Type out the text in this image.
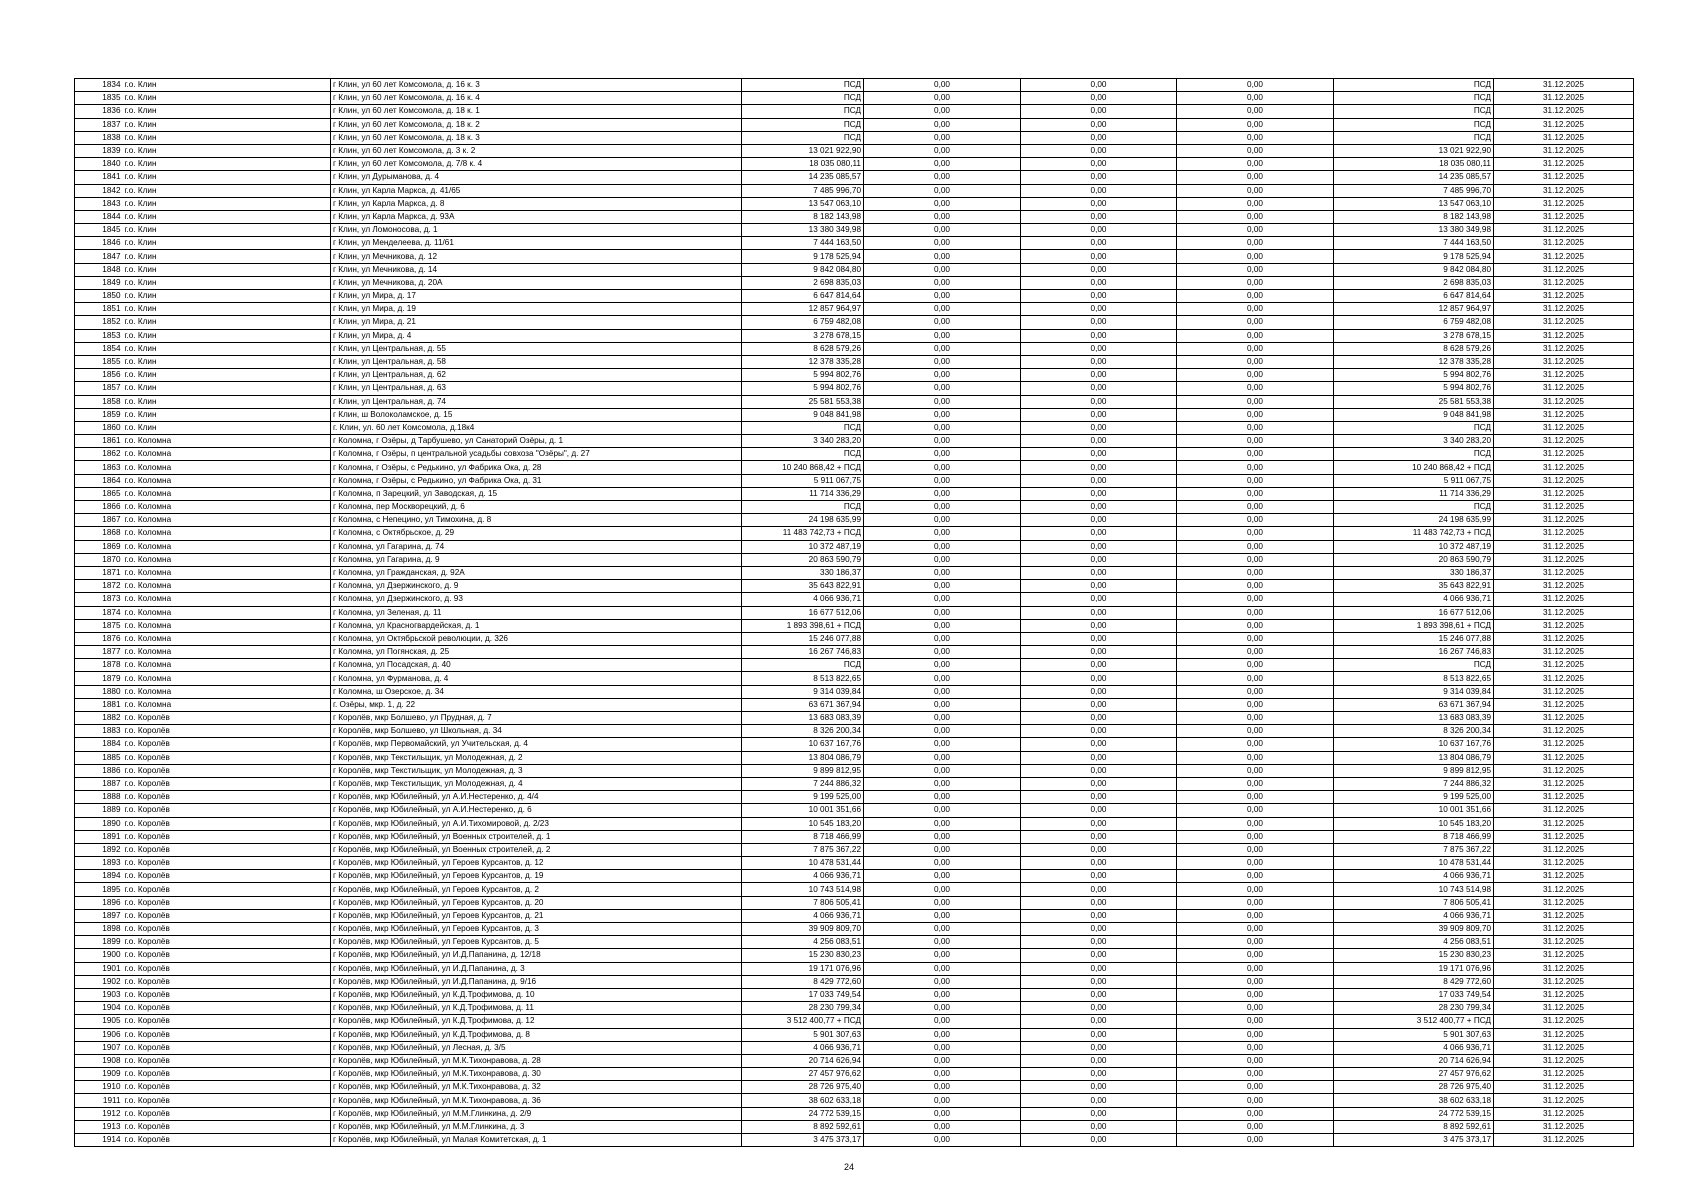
1834	г.о. Клин	г Клин, ул 60 лет Комсомола, д. 16 к. 3	ПСД	0,00	0,00	0,00	ПСД	31.12.2025
1835	г.о. Клин	г Клин, ул 60 лет Комсомола, д. 16 к. 4	ПСД	0,00	0,00	0,00	ПСД	31.12.2025
1836	г.о. Клин	г Клин, ул 60 лет Комсомола, д. 18 к. 1	ПСД	0,00	0,00	0,00	ПСД	31.12.2025
1837	г.о. Клин	г Клин, ул 60 лет Комсомола, д. 18 к. 2	ПСД	0,00	0,00	0,00	ПСД	31.12.2025
1838	г.о. Клин	г Клин, ул 60 лет Комсомола, д. 18 к. 3	ПСД	0,00	0,00	0,00	ПСД	31.12.2025
1839	г.о. Клин	г Клин, ул 60 лет Комсомола, д. 3 к. 2	13 021 922,90	0,00	0,00	0,00	13 021 922,90	31.12.2025
1840	г.о. Клин	г Клин, ул 60 лет Комсомола, д. 7/8 к. 4	18 035 080,11	0,00	0,00	0,00	18 035 080,11	31.12.2025
1841	г.о. Клин	г Клин, ул Дурыманова, д. 4	14 235 085,57	0,00	0,00	0,00	14 235 085,57	31.12.2025
1842	г.о. Клин	г Клин, ул Карла Маркса, д. 41/65	7 485 996,70	0,00	0,00	0,00	7 485 996,70	31.12.2025
1843	г.о. Клин	г Клин, ул Карла Маркса, д. 8	13 547 063,10	0,00	0,00	0,00	13 547 063,10	31.12.2025
1844	г.о. Клин	г Клин, ул Карла Маркса, д. 93А	8 182 143,98	0,00	0,00	0,00	8 182 143,98	31.12.2025
1845	г.о. Клин	г Клин, ул Ломоносова, д. 1	13 380 349,98	0,00	0,00	0,00	13 380 349,98	31.12.2025
1846	г.о. Клин	г Клин, ул Менделеева, д. 11/61	7 444 163,50	0,00	0,00	0,00	7 444 163,50	31.12.2025
1847	г.о. Клин	г Клин, ул Мечникова, д. 12	9 178 525,94	0,00	0,00	0,00	9 178 525,94	31.12.2025
1848	г.о. Клин	г Клин, ул Мечникова, д. 14	9 842 084,80	0,00	0,00	0,00	9 842 084,80	31.12.2025
1849	г.о. Клин	г Клин, ул Мечникова, д. 20А	2 698 835,03	0,00	0,00	0,00	2 698 835,03	31.12.2025
1850	г.о. Клин	г Клин, ул Мира, д. 17	6 647 814,64	0,00	0,00	0,00	6 647 814,64	31.12.2025
1851	г.о. Клин	г Клин, ул Мира, д. 19	12 857 964,97	0,00	0,00	0,00	12 857 964,97	31.12.2025
1852	г.о. Клин	г Клин, ул Мира, д. 21	6 759 482,08	0,00	0,00	0,00	6 759 482,08	31.12.2025
1853	г.о. Клин	г Клин, ул Мира, д. 4	3 278 678,15	0,00	0,00	0,00	3 278 678,15	31.12.2025
1854	г.о. Клин	г Клин, ул Центральная, д. 55	8 628 579,26	0,00	0,00	0,00	8 628 579,26	31.12.2025
1855	г.о. Клин	г Клин, ул Центральная, д. 58	12 378 335,28	0,00	0,00	0,00	12 378 335,28	31.12.2025
1856	г.о. Клин	г Клин, ул Центральная, д. 62	5 994 802,76	0,00	0,00	0,00	5 994 802,76	31.12.2025
1857	г.о. Клин	г Клин, ул Центральная, д. 63	5 994 802,76	0,00	0,00	0,00	5 994 802,76	31.12.2025
1858	г.о. Клин	г Клин, ул Центральная, д. 74	25 581 553,38	0,00	0,00	0,00	25 581 553,38	31.12.2025
1859	г.о. Клин	г Клин, ш Волоколамское, д. 15	9 048 841,98	0,00	0,00	0,00	9 048 841,98	31.12.2025
1860	г.о. Клин	г. Клин, ул. 60 лет Комсомола, д.18к4	ПСД	0,00	0,00	0,00	ПСД	31.12.2025
1861	г.о. Коломна	г Коломна, г Озёры, д Тарбушево, ул Санаторий Озёры, д. 1	3 340 283,20	0,00	0,00	0,00	3 340 283,20	31.12.2025
1862	г.о. Коломна	г Коломна, г Озёры, п центральной усадьбы совхоза "Озёры", д. 27	ПСД	0,00	0,00	0,00	ПСД	31.12.2025
1863	г.о. Коломна	г Коломна, г Озёры, с Редькино, ул Фабрика Ока, д. 28	10 240 868,42 + ПСД	0,00	0,00	0,00	10 240 868,42 + ПСД	31.12.2025
1864	г.о. Коломна	г Коломна, г Озёры, с Редькино, ул Фабрика Ока, д. 31	5 911 067,75	0,00	0,00	0,00	5 911 067,75	31.12.2025
1865	г.о. Коломна	г Коломна, п Зарецкий, ул Заводская, д. 15	11 714 336,29	0,00	0,00	0,00	11 714 336,29	31.12.2025
1866	г.о. Коломна	г Коломна, пер Москворецкий, д. 6	ПСД	0,00	0,00	0,00	ПСД	31.12.2025
1867	г.о. Коломна	г Коломна, с Непецино, ул Тимохина, д. 8	24 198 635,99	0,00	0,00	0,00	24 198 635,99	31.12.2025
1868	г.о. Коломна	г Коломна, с Октябрьское, д. 29	11 483 742,73 + ПСД	0,00	0,00	0,00	11 483 742,73 + ПСД	31.12.2025
1869	г.о. Коломна	г Коломна, ул Гагарина, д. 74	10 372 487,19	0,00	0,00	0,00	10 372 487,19	31.12.2025
1870	г.о. Коломна	г Коломна, ул Гагарина, д. 9	20 863 590,79	0,00	0,00	0,00	20 863 590,79	31.12.2025
1871	г.о. Коломна	г Коломна, ул Гражданская, д. 92А	330 186,37	0,00	0,00	0,00	330 186,37	31.12.2025
1872	г.о. Коломна	г Коломна, ул Дзержинского, д. 9	35 643 822,91	0,00	0,00	0,00	35 643 822,91	31.12.2025
1873	г.о. Коломна	г Коломна, ул Дзержинского, д. 93	4 066 936,71	0,00	0,00	0,00	4 066 936,71	31.12.2025
1874	г.о. Коломна	г Коломна, ул Зеленая, д. 11	16 677 512,06	0,00	0,00	0,00	16 677 512,06	31.12.2025
1875	г.о. Коломна	г Коломна, ул Красногвардейская, д. 1	1 893 398,61 + ПСД	0,00	0,00	0,00	1 893 398,61 + ПСД	31.12.2025
1876	г.о. Коломна	г Коломна, ул Октябрьской революции, д. 326	15 246 077,88	0,00	0,00	0,00	15 246 077,88	31.12.2025
1877	г.о. Коломна	г Коломна, ул Погянская, д. 25	16 267 746,83	0,00	0,00	0,00	16 267 746,83	31.12.2025
1878	г.о. Коломна	г Коломна, ул Посадская, д. 40	ПСД	0,00	0,00	0,00	ПСД	31.12.2025
1879	г.о. Коломна	г Коломна, ул Фурманова, д. 4	8 513 822,65	0,00	0,00	0,00	8 513 822,65	31.12.2025
1880	г.о. Коломна	г Коломна, ш Озерское, д. 34	9 314 039,84	0,00	0,00	0,00	9 314 039,84	31.12.2025
1881	г.о. Коломна	г. Озёры, мкр. 1, д. 22	63 671 367,94	0,00	0,00	0,00	63 671 367,94	31.12.2025
1882	г.о. Королёв	г Королёв, мкр Болшево, ул Прудная, д. 7	13 683 083,39	0,00	0,00	0,00	13 683 083,39	31.12.2025
1883	г.о. Королёв	г Королёв, мкр Болшево, ул Школьная, д. 34	8 326 200,34	0,00	0,00	0,00	8 326 200,34	31.12.2025
1884	г.о. Королёв	г Королёв, мкр Первомайский, ул Учительская, д. 4	10 637 167,76	0,00	0,00	0,00	10 637 167,76	31.12.2025
1885	г.о. Королёв	г Королёв, мкр Текстильщик, ул Молодежная, д. 2	13 804 086,79	0,00	0,00	0,00	13 804 086,79	31.12.2025
1886	г.о. Королёв	г Королёв, мкр Текстильщик, ул Молодежная, д. 3	9 899 812,95	0,00	0,00	0,00	9 899 812,95	31.12.2025
1887	г.о. Королёв	г Королёв, мкр Текстильщик, ул Молодежная, д. 4	7 244 886,32	0,00	0,00	0,00	7 244 886,32	31.12.2025
1888	г.о. Королёв	г Королёв, мкр Юбилейный, ул А.И.Нестеренко, д. 4/4	9 199 525,00	0,00	0,00	0,00	9 199 525,00	31.12.2025
1889	г.о. Королёв	г Королёв, мкр Юбилейный, ул А.И.Нестеренко, д. 6	10 001 351,66	0,00	0,00	0,00	10 001 351,66	31.12.2025
1890	г.о. Королёв	г Королёв, мкр Юбилейный, ул А.И.Тихомировой, д. 2/23	10 545 183,20	0,00	0,00	0,00	10 545 183,20	31.12.2025
1891	г.о. Королёв	г Королёв, мкр Юбилейный, ул Военных строителей, д. 1	8 718 466,99	0,00	0,00	0,00	8 718 466,99	31.12.2025
1892	г.о. Королёв	г Королёв, мкр Юбилейный, ул Военных строителей, д. 2	7 875 367,22	0,00	0,00	0,00	7 875 367,22	31.12.2025
1893	г.о. Королёв	г Королёв, мкр Юбилейный, ул Героев Курсантов, д. 12	10 478 531,44	0,00	0,00	0,00	10 478 531,44	31.12.2025
1894	г.о. Королёв	г Королёв, мкр Юбилейный, ул Героев Курсантов, д. 19	4 066 936,71	0,00	0,00	0,00	4 066 936,71	31.12.2025
1895	г.о. Королёв	г Королёв, мкр Юбилейный, ул Героев Курсантов, д. 2	10 743 514,98	0,00	0,00	0,00	10 743 514,98	31.12.2025
1896	г.о. Королёв	г Королёв, мкр Юбилейный, ул Героев Курсантов, д. 20	7 806 505,41	0,00	0,00	0,00	7 806 505,41	31.12.2025
1897	г.о. Королёв	г Королёв, мкр Юбилейный, ул Героев Курсантов, д. 21	4 066 936,71	0,00	0,00	0,00	4 066 936,71	31.12.2025
1898	г.о. Королёв	г Королёв, мкр Юбилейный, ул Героев Курсантов, д. 3	39 909 809,70	0,00	0,00	0,00	39 909 809,70	31.12.2025
1899	г.о. Королёв	г Королёв, мкр Юбилейный, ул Героев Курсантов, д. 5	4 256 083,51	0,00	0,00	0,00	4 256 083,51	31.12.2025
1900	г.о. Королёв	г Королёв, мкр Юбилейный, ул И.Д.Папанина, д. 12/18	15 230 830,23	0,00	0,00	0,00	15 230 830,23	31.12.2025
1901	г.о. Королёв	г Королёв, мкр Юбилейный, ул И.Д.Папанина, д. 3	19 171 076,96	0,00	0,00	0,00	19 171 076,96	31.12.2025
1902	г.о. Королёв	г Королёв, мкр Юбилейный, ул И.Д.Папанина, д. 9/16	8 429 772,60	0,00	0,00	0,00	8 429 772,60	31.12.2025
1903	г.о. Королёв	г Королёв, мкр Юбилейный, ул К.Д.Трофимова, д. 10	17 033 749,54	0,00	0,00	0,00	17 033 749,54	31.12.2025
1904	г.о. Королёв	г Королёв, мкр Юбилейный, ул К.Д.Трофимова, д. 11	28 230 799,34	0,00	0,00	0,00	28 230 799,34	31.12.2025
1905	г.о. Королёв	г Королёв, мкр Юбилейный, ул К.Д.Трофимова, д. 12	3 512 400,77 + ПСД	0,00	0,00	0,00	3 512 400,77 + ПСД	31.12.2025
1906	г.о. Королёв	г Королёв, мкр Юбилейный, ул К.Д.Трофимова, д. 8	5 901 307,63	0,00	0,00	0,00	5 901 307,63	31.12.2025
1907	г.о. Королёв	г Королёв, мкр Юбилейный, ул Лесная, д. 3/5	4 066 936,71	0,00	0,00	0,00	4 066 936,71	31.12.2025
1908	г.о. Королёв	г Королёв, мкр Юбилейный, ул М.К.Тихонравова, д. 28	20 714 626,94	0,00	0,00	0,00	20 714 626,94	31.12.2025
1909	г.о. Королёв	г Королёв, мкр Юбилейный, ул М.К.Тихонравова, д. 30	27 457 976,62	0,00	0,00	0,00	27 457 976,62	31.12.2025
1910	г.о. Королёв	г Королёв, мкр Юбилейный, ул М.К.Тихонравова, д. 32	28 726 975,40	0,00	0,00	0,00	28 726 975,40	31.12.2025
1911	г.о. Королёв	г Королёв, мкр Юбилейный, ул М.К.Тихонравова, д. 36	38 602 633,18	0,00	0,00	0,00	38 602 633,18	31.12.2025
1912	г.о. Королёв	г Королёв, мкр Юбилейный, ул М.М.Глинкина, д. 2/9	24 772 539,15	0,00	0,00	0,00	24 772 539,15	31.12.2025
1913	г.о. Королёв	г Королёв, мкр Юбилейный, ул М.М.Глинкина, д. 3	8 892 592,61	0,00	0,00	0,00	8 892 592,61	31.12.2025
1914	г.о. Королёв	г Королёв, мкр Юбилейный, ул Малая Комитетская, д. 1	3 475 373,17	0,00	0,00	0,00	3 475 373,17	31.12.2025
24
